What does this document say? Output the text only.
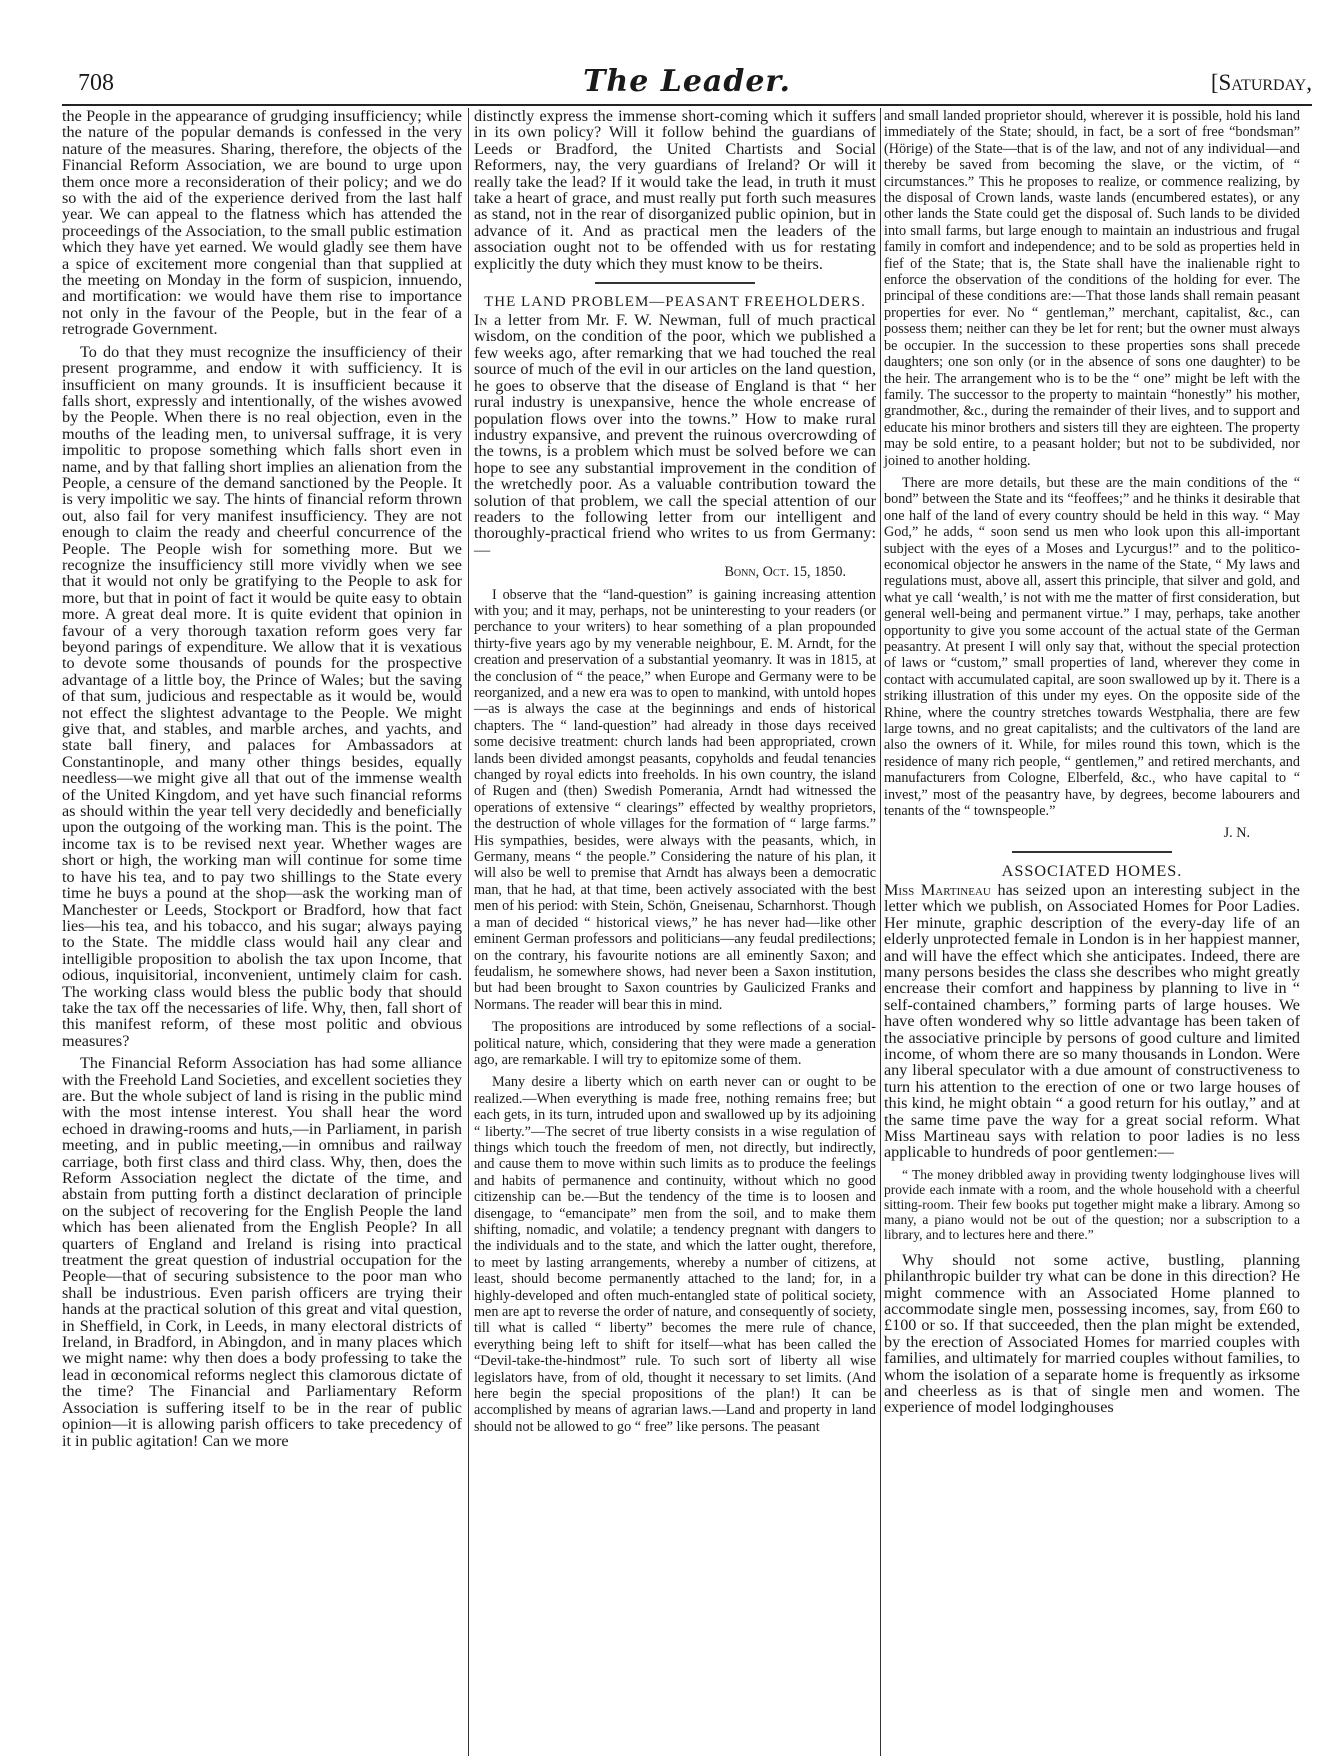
708	The Leader.	[Saturday,

the People in the appearance of grudging insufficiency; while the nature of the popular demands is confessed in the very nature of the measures. Sharing, therefore, the objects of the Financial Reform Association, we are bound to urge upon them once more a reconsideration of their policy; and we do so with the aid of the experience derived from the last half year. We can appeal to the flatness which has attended the proceedings of the Association, to the small public estimation which they have yet earned. We would gladly see them have a spice of excitement more congenial than that supplied at the meeting on Monday in the form of suspicion, innuendo, and mortification: we would have them rise to importance not only in the favour of the People, but in the fear of a retrograde Government.

To do that they must recognize the insufficiency of their present programme, and endow it with sufficiency. It is insufficient on many grounds. It is insufficient because it falls short, expressly and intentionally, of the wishes avowed by the People. When there is no real objection, even in the mouths of the leading men, to universal suffrage, it is very impolitic to propose something which falls short even in name, and by that falling short implies an alienation from the People, a censure of the demand sanctioned by the People. It is very impolitic we say. The hints of financial reform thrown out, also fail for very manifest insufficiency. They are not enough to claim the ready and cheerful concurrence of the People. The People wish for something more. But we recognize the insufficiency still more vividly when we see that it would not only be gratifying to the People to ask for more, but that in point of fact it would be quite easy to obtain more. A great deal more. It is quite evident that opinion in favour of a very thorough taxation reform goes very far beyond parings of expenditure. We allow that it is vexatious to devote some thousands of pounds for the prospective advantage of a little boy, the Prince of Wales; but the saving of that sum, judicious and respectable as it would be, would not effect the slightest advantage to the People. We might give that, and stables, and marble arches, and yachts, and state ball finery, and palaces for Ambassadors at Constantinople, and many other things besides, equally needless—we might give all that out of the immense wealth of the United Kingdom, and yet have such financial reforms as should within the year tell very decidedly and beneficially upon the outgoing of the working man. This is the point. The income tax is to be revised next year. Whether wages are short or high, the working man will continue for some time to have his tea, and to pay two shillings to the State every time he buys a pound at the shop—ask the working man of Manchester or Leeds, Stockport or Bradford, how that fact lies—his tea, and his tobacco, and his sugar; always paying to the State. The middle class would hail any clear and intelligible proposition to abolish the tax upon Income, that odious, inquisitorial, inconvenient, untimely claim for cash. The working class would bless the public body that should take the tax off the necessaries of life. Why, then, fall short of this manifest reform, of these most politic and obvious measures?

The Financial Reform Association has had some alliance with the Freehold Land Societies, and excellent societies they are. But the whole subject of land is rising in the public mind with the most intense interest. You shall hear the word echoed in drawing-rooms and huts,—in Parliament, in parish meeting, and in public meeting,—in omnibus and railway carriage, both first class and third class. Why, then, does the Reform Association neglect the dictate of the time, and abstain from putting forth a distinct declaration of principle on the subject of recovering for the English People the land which has been alienated from the English People? In all quarters of England and Ireland is rising into practical treatment the great question of industrial occupation for the People—that of securing subsistence to the poor man who shall be industrious. Even parish officers are trying their hands at the practical solution of this great and vital question, in Sheffield, in Cork, in Leeds, in many electoral districts of Ireland, in Bradford, in Abingdon, and in many places which we might name: why then does a body professing to take the lead in œconomical reforms neglect this clamorous dictate of the time? The Financial and Parliamentary Reform Association is suffering itself to be in the rear of public opinion—it is allowing parish officers to take precedency of it in public agitation! Can we more

distinctly express the immense short-coming which it suffers in its own policy? Will it follow behind the guardians of Leeds or Bradford, the United Chartists and Social Reformers, nay, the very guardians of Ireland? Or will it really take the lead? If it would take the lead, in truth it must take a heart of grace, and must really put forth such measures as stand, not in the rear of disorganized public opinion, but in advance of it. And as practical men the leaders of the association ought not to be offended with us for restating explicitly the duty which they must know to be theirs.

THE LAND PROBLEM—PEASANT FREEHOLDERS.

In a letter from Mr. F. W. Newman, full of much practical wisdom, on the condition of the poor, which we published a few weeks ago, after remarking that we had touched the real source of much of the evil in our articles on the land question, he goes to observe that the disease of England is that “ her rural industry is unexpansive, hence the whole encrease of population flows over into the towns.” How to make rural industry expansive, and prevent the ruinous overcrowding of the towns, is a problem which must be solved before we can hope to see any substantial improvement in the condition of the wretchedly poor. As a valuable contribution toward the solution of that problem, we call the special attention of our readers to the following letter from our intelligent and thoroughly-practical friend who writes to us from Germany:—

Bonn, Oct. 15, 1850.

I observe that the “land-question” is gaining increasing attention with you; and it may, perhaps, not be uninteresting to your readers (or perchance to your writers) to hear something of a plan propounded thirty-five years ago by my venerable neighbour, E. M. Arndt, for the creation and preservation of a substantial yeomanry. It was in 1815, at the conclusion of “ the peace,” when Europe and Germany were to be reorganized, and a new era was to open to mankind, with untold hopes—as is always the case at the beginnings and ends of historical chapters. The “ land-question” had already in those days received some decisive treatment: church lands had been appropriated, crown lands been divided amongst peasants, copyholds and feudal tenancies changed by royal edicts into freeholds. In his own country, the island of Rugen and (then) Swedish Pomerania, Arndt had witnessed the operations of extensive “ clearings” effected by wealthy proprietors, the destruction of whole villages for the formation of “ large farms.” His sympathies, besides, were always with the peasants, which, in Germany, means “ the people.” Considering the nature of his plan, it will also be well to premise that Arndt has always been a democratic man, that he had, at that time, been actively associated with the best men of his period: with Stein, Schön, Gneisenau, Scharnhorst. Though a man of decided “ historical views,” he has never had—like other eminent German professors and politicians—any feudal predilections; on the contrary, his favourite notions are all eminently Saxon; and feudalism, he somewhere shows, had never been a Saxon institution, but had been brought to Saxon countries by Gaulicized Franks and Normans. The reader will bear this in mind.

The propositions are introduced by some reflections of a social-political nature, which, considering that they were made a generation ago, are remarkable. I will try to epitomize some of them.

Many desire a liberty which on earth never can or ought to be realized.—When everything is made free, nothing remains free; but each gets, in its turn, intruded upon and swallowed up by its adjoining “ liberty.”—The secret of true liberty consists in a wise regulation of things which touch the freedom of men, not directly, but indirectly, and cause them to move within such limits as to produce the feelings and habits of permanence and continuity, without which no good citizenship can be.—But the tendency of the time is to loosen and disengage, to “emancipate” men from the soil, and to make them shifting, nomadic, and volatile; a tendency pregnant with dangers to the individuals and to the state, and which the latter ought, therefore, to meet by lasting arrangements, whereby a number of citizens, at least, should become permanently attached to the land; for, in a highly-developed and often much-entangled state of political society, men are apt to reverse the order of nature, and consequently of society, till what is called “ liberty” becomes the mere rule of chance, everything being left to shift for itself—what has been called the “Devil-take-the-hindmost” rule. To such sort of liberty all wise legislators have, from of old, thought it necessary to set limits. (And here begin the special propositions of the plan!) It can be accomplished by means of agrarian laws.—Land and property in land should not be allowed to go “ free” like persons. The peasant

and small landed proprietor should, wherever it is possible, hold his land immediately of the State; should, in fact, be a sort of free “bondsman” (Hörige) of the State—that is of the law, and not of any individual—and thereby be saved from becoming the slave, or the victim, of “ circumstances.” This he proposes to realize, or commence realizing, by the disposal of Crown lands, waste lands (encumbered estates), or any other lands the State could get the disposal of. Such lands to be divided into small farms, but large enough to maintain an industrious and frugal family in comfort and independence; and to be sold as properties held in fief of the State; that is, the State shall have the inalienable right to enforce the observation of the conditions of the holding for ever. The principal of these conditions are:—That those lands shall remain peasant properties for ever. No “ gentleman,” merchant, capitalist, &c., can possess them; neither can they be let for rent; but the owner must always be occupier. In the succession to these properties sons shall precede daughters; one son only (or in the absence of sons one daughter) to be the heir. The arrangement who is to be the “ one” might be left with the family. The successor to the property to maintain “honestly” his mother, grandmother, &c., during the remainder of their lives, and to support and educate his minor brothers and sisters till they are eighteen. The property may be sold entire, to a peasant holder; but not to be subdivided, nor joined to another holding.

There are more details, but these are the main conditions of the “ bond” between the State and its “feoffees;” and he thinks it desirable that one half of the land of every country should be held in this way. “ May God,” he adds, “ soon send us men who look upon this all-important subject with the eyes of a Moses and Lycurgus!” and to the politico-economical objector he answers in the name of the State, “ My laws and regulations must, above all, assert this principle, that silver and gold, and what ye call ‘wealth,’ is not with me the matter of first consideration, but general well-being and permanent virtue.” I may, perhaps, take another opportunity to give you some account of the actual state of the German peasantry. At present I will only say that, without the special protection of laws or “custom,” small properties of land, wherever they come in contact with accumulated capital, are soon swallowed up by it. There is a striking illustration of this under my eyes. On the opposite side of the Rhine, where the country stretches towards Westphalia, there are few large towns, and no great capitalists; and the cultivators of the land are also the owners of it. While, for miles round this town, which is the residence of many rich people, “ gentlemen,” and retired merchants, and manufacturers from Cologne, Elberfeld, &c., who have capital to “ invest,” most of the peasantry have, by degrees, become labourers and tenants of the “ townspeople.”

J. N.
ASSOCIATED HOMES.

Miss Martineau has seized upon an interesting subject in the letter which we publish, on Associated Homes for Poor Ladies. Her minute, graphic description of the every-day life of an elderly unprotected female in London is in her happiest manner, and will have the effect which she anticipates. Indeed, there are many persons besides the class she describes who might greatly encrease their comfort and happiness by planning to live in “ self-contained chambers,” forming parts of large houses. We have often wondered why so little advantage has been taken of the associative principle by persons of good culture and limited income, of whom there are so many thousands in London. Were any liberal speculator with a due amount of constructiveness to turn his attention to the erection of one or two large houses of this kind, he might obtain “ a good return for his outlay,” and at the same time pave the way for a great social reform. What Miss Martineau says with relation to poor ladies is no less applicable to hundreds of poor gentlemen:—

“ The money dribbled away in providing twenty lodginghouse lives will provide each inmate with a room, and the whole household with a cheerful sitting-room. Their few books put together might make a library. Among so many, a piano would not be out of the question; nor a subscription to a library, and to lectures here and there.”

Why should not some active, bustling, planning philanthropic builder try what can be done in this direction? He might commence with an Associated Home planned to accommodate single men, possessing incomes, say, from £60 to £100 or so. If that succeeded, then the plan might be extended, by the erection of Associated Homes for married couples with families, and ultimately for married couples without families, to whom the isolation of a separate home is frequently as irksome and cheerless as is that of single men and women. The experience of model lodginghouses
